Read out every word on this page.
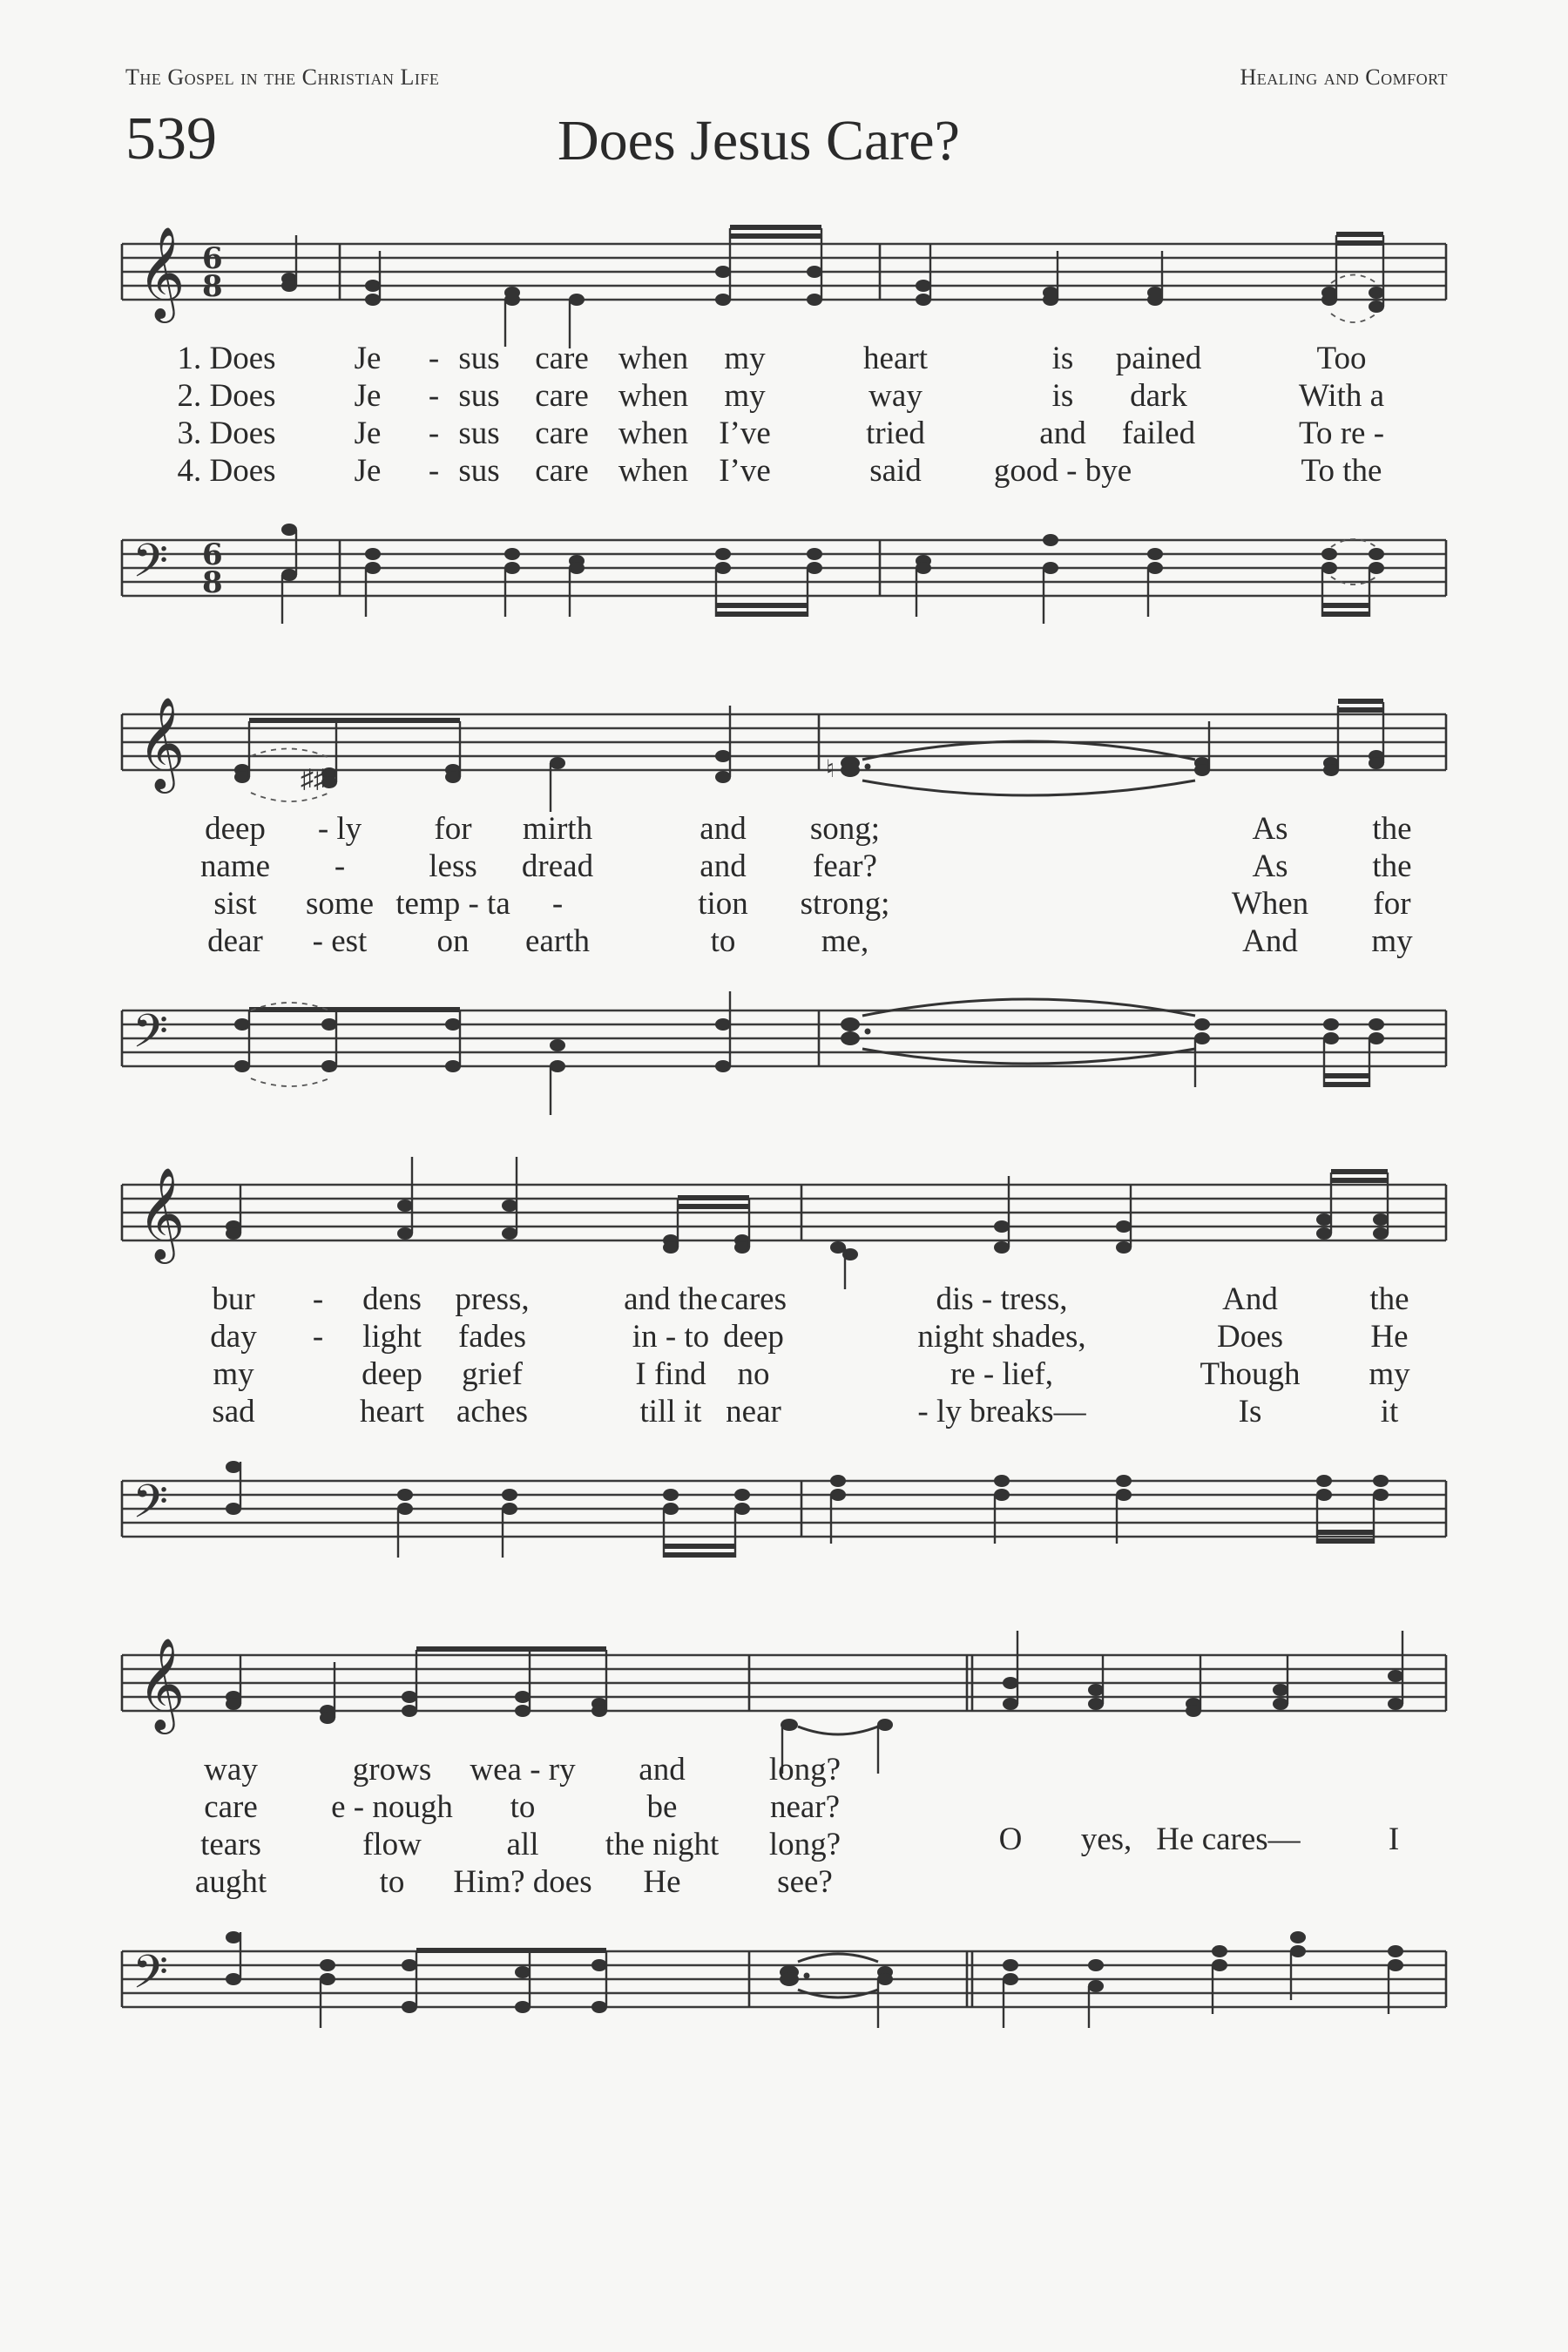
The Gospel in the Christian Life	Healing and Comfort
539	Does Jesus Care?
𝄞 6
8
1. Does Je - sus care when my	heart	is pained	Too
2. Does Je - sus care when my	way	is dark	With a
3. Does Je - sus care when I’ve	tried	and failed	To re -
4. Does Je - sus care when I’ve	said good - bye	To the
𝄢 6
8
𝄞	♯♯	♮
deep - ly for mirth	and song;	As	the
name -	less dread	and fear?	As	the
sist some temp - ta -	tion strong;	When for
dear - est on earth	to	me,	And my
𝄢
𝄞
bur - dens press,	and the cares	dis - tress,	And	the
day - light fades	in - to deep	night shades,	Does	He
my	deep grief	I find no	re - lief,	Though my
sad	heart aches	till it near	- ly breaks—	Is	it
𝄢
𝄞
way	grows wea - ry and	long?
care e - nough to	be	near?
tears	flow	all the night long?
aught	to Him? does He	see?
O yes, He cares—	I
𝄢
